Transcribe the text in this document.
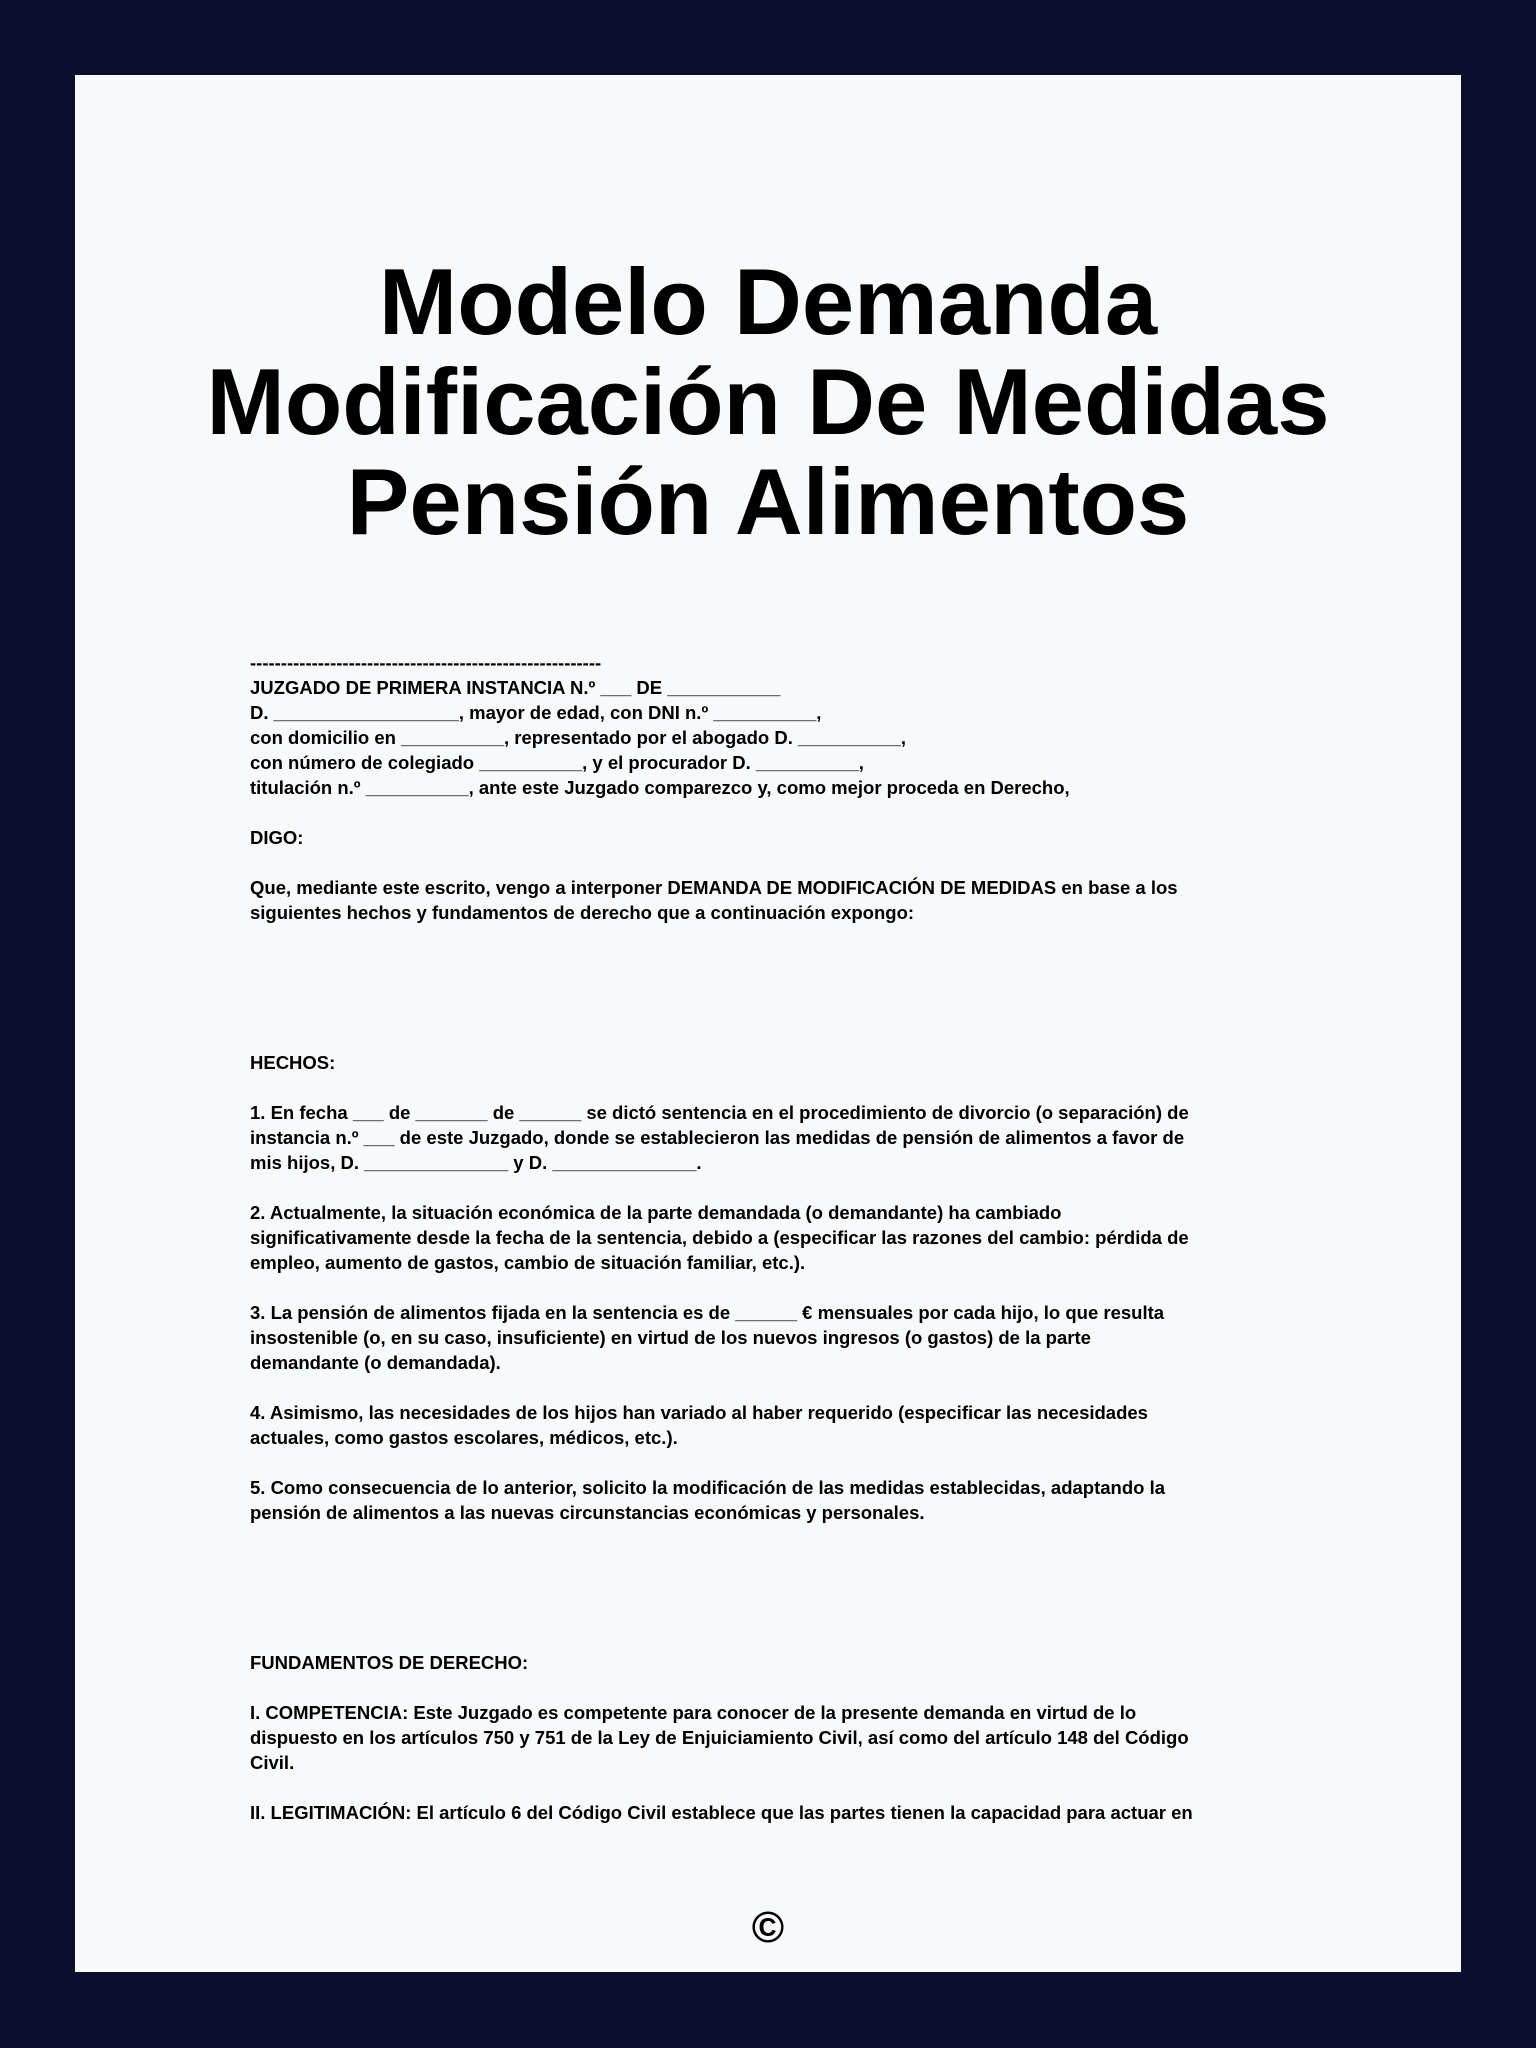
Modelo Demanda
Modificación De Medidas
Pensión Alimentos
---------------------------------------------------------
JUZGADO DE PRIMERA INSTANCIA N.º ___ DE ___________
D. __________________, mayor de edad, con DNI n.º __________,
con domicilio en __________, representado por el abogado D. __________,
con número de colegiado __________, y el procurador D. __________,
titulación n.º __________, ante este Juzgado comparezco y, como mejor proceda en Derecho,
DIGO:
Que, mediante este escrito, vengo a interponer DEMANDA DE MODIFICACIÓN DE MEDIDAS en base a los
siguientes hechos y fundamentos de derecho que a continuación expongo:
HECHOS:
1. En fecha ___ de _______ de ______ se dictó sentencia en el procedimiento de divorcio (o separación) de
instancia n.º ___ de este Juzgado, donde se establecieron las medidas de pensión de alimentos a favor de
mis hijos, D. ______________ y D. ______________.
2. Actualmente, la situación económica de la parte demandada (o demandante) ha cambiado
significativamente desde la fecha de la sentencia, debido a (especificar las razones del cambio: pérdida de
empleo, aumento de gastos, cambio de situación familiar, etc.).
3. La pensión de alimentos fijada en la sentencia es de ______ € mensuales por cada hijo, lo que resulta
insostenible (o, en su caso, insuficiente) en virtud de los nuevos ingresos (o gastos) de la parte
demandante (o demandada).
4. Asimismo, las necesidades de los hijos han variado al haber requerido (especificar las necesidades
actuales, como gastos escolares, médicos, etc.).
5. Como consecuencia de lo anterior, solicito la modificación de las medidas establecidas, adaptando la
pensión de alimentos a las nuevas circunstancias económicas y personales.
FUNDAMENTOS DE DERECHO:
I. COMPETENCIA: Este Juzgado es competente para conocer de la presente demanda en virtud de lo
dispuesto en los artículos 750 y 751 de la Ley de Enjuiciamiento Civil, así como del artículo 148 del Código
Civil.
II. LEGITIMACIÓN: El artículo 6 del Código Civil establece que las partes tienen la capacidad para actuar en
©
